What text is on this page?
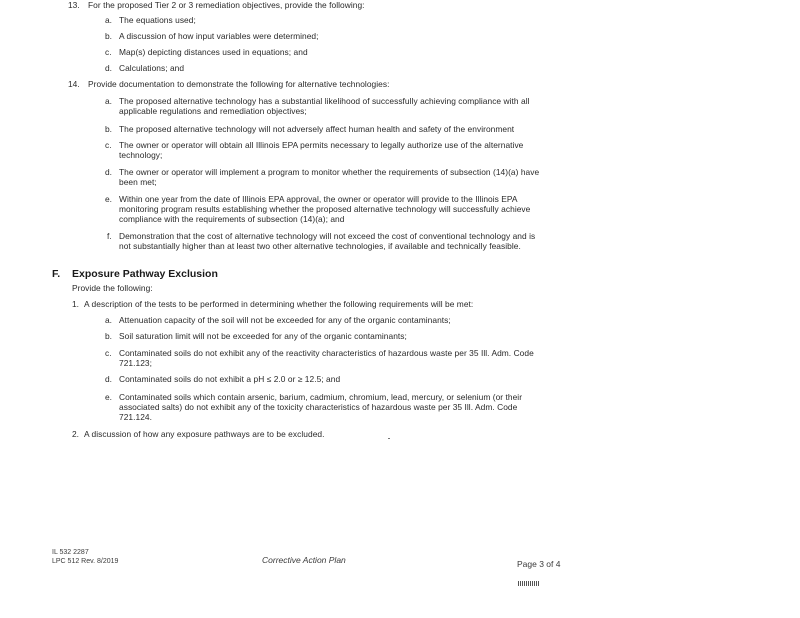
13. For the proposed Tier 2 or 3 remediation objectives, provide the following:
a. The equations used;
b. A discussion of how input variables were determined;
c. Map(s) depicting distances used in equations; and
d. Calculations; and
14. Provide documentation to demonstrate the following for alternative technologies:
a. The proposed alternative technology has a substantial likelihood of successfully achieving compliance with all
applicable regulations and remediation objectives;
b. The proposed alternative technology will not adversely affect human health and safety of the environment
c. The owner or operator will obtain all Illinois EPA permits necessary to legally authorize use of the alternative
technology;
d. The owner or operator will implement a program to monitor whether the requirements of subsection (14)(a) have
been met;
e. Within one year from the date of Illinois EPA approval, the owner or operator will provide to the Illinois EPA
monitoring program results establishing whether the proposed alternative technology will successfully achieve
compliance with the requirements of subsection (14)(a); and
f. Demonstration that the cost of alternative technology will not exceed the cost of conventional technology and is
not substantially higher than at least two other alternative technologies, if available and technically feasible.
F. Exposure Pathway Exclusion
Provide the following:
1. A description of the tests to be performed in determining whether the following requirements will be met:
a. Attenuation capacity of the soil will not be exceeded for any of the organic contaminants;
b. Soil saturation limit will not be exceeded for any of the organic contaminants;
c. Contaminated soils do not exhibit any of the reactivity characteristics of hazardous waste per 35 Ill. Adm. Code
721.123;
d. Contaminated soils do not exhibit a pH ≤ 2.0 or ≥ 12.5; and
e. Contaminated soils which contain arsenic, barium, cadmium, chromium, lead, mercury, or selenium (or their
associated salts) do not exhibit any of the toxicity characteristics of hazardous waste per 35 Ill. Adm. Code
721.124.
2. A discussion of how any exposure pathways are to be excluded.
IL 532 2287
LPC 512 Rev. 8/2019	Corrective Action Plan	Page 3 of 4
